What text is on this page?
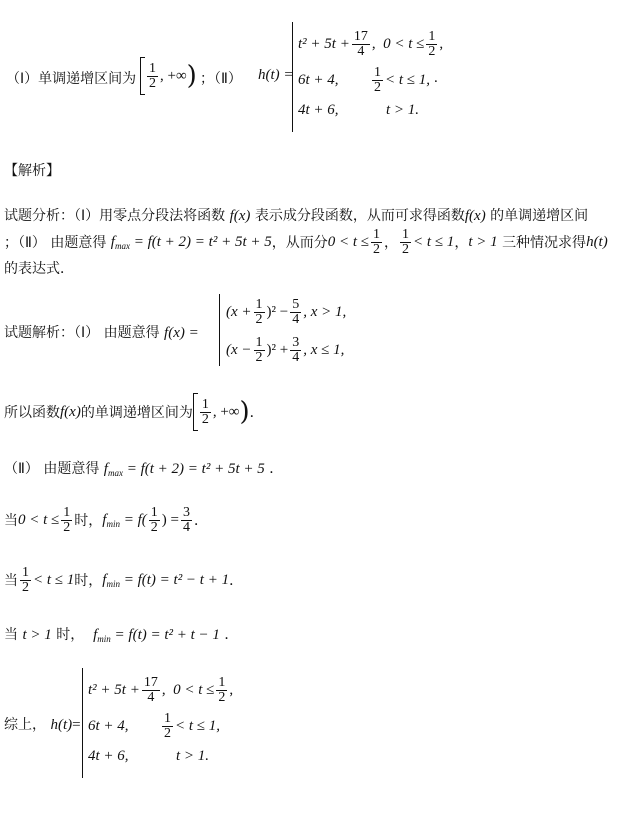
（Ⅰ）单调递增区间为 $\frac{1}{2}$ , +∞ ) ；（Ⅱ） h(t) =
$t^2 + 5t + \frac{17}{4}$ , $0 < t \le \frac{1}{2}$ ,
6t + 4,	$\frac{1}{2} < t \le 1$,
4t + 6,	t > 1.
.
【解析】
试题分析：（Ⅰ）用零点分段法将函数 f(x) 表示成分段函数，从而可求得函数f(x) 的单调递增区间
；（Ⅱ） 由题意得
$f_{max} = f(t + 2) = t^2 + 5t + 5$ ，从而分 $0 < t \le \frac{1}{2}$ ， $\frac{1}{2} < t \le 1$ ， t > 1
三种情况求得 h(t)
的表达式．
试题解析：（Ⅰ） 由题意得 f(x) =
$(x + \frac{1}{2} )^2 - \frac{5}{4}$ , x > 1,
$(x - \frac{1}{2} )^2 + \frac{3}{4}$ , x ≤ 1,
所以函数 f(x) 的单调递增区间为 $\frac{1}{2}$ , +∞ ) ．
（Ⅱ） 由题意得 $f_{max} = f(t + 2) = t^2 + 5t + 5$ ．
当 $0 < t \le \frac{1}{2}$ 时， $f_{min} = f( \frac{1}{2}$ ) = $\frac{3}{4}$ ．
当 $\frac{1}{2} < t \le 1$ 时， $f_{min} = f(t) = t^2 - t + 1$ ．
当 t > 1 时， $f_{min} = f(t) = t^2 + t - 1$ ．
综上， h(t)=
$t^2 + 5t + \frac{17}{4}$ , $0 < t \le \frac{1}{2}$ ,
6t + 4,	$\frac{1}{2} < t \le 1$,
4t + 6,	t > 1.
